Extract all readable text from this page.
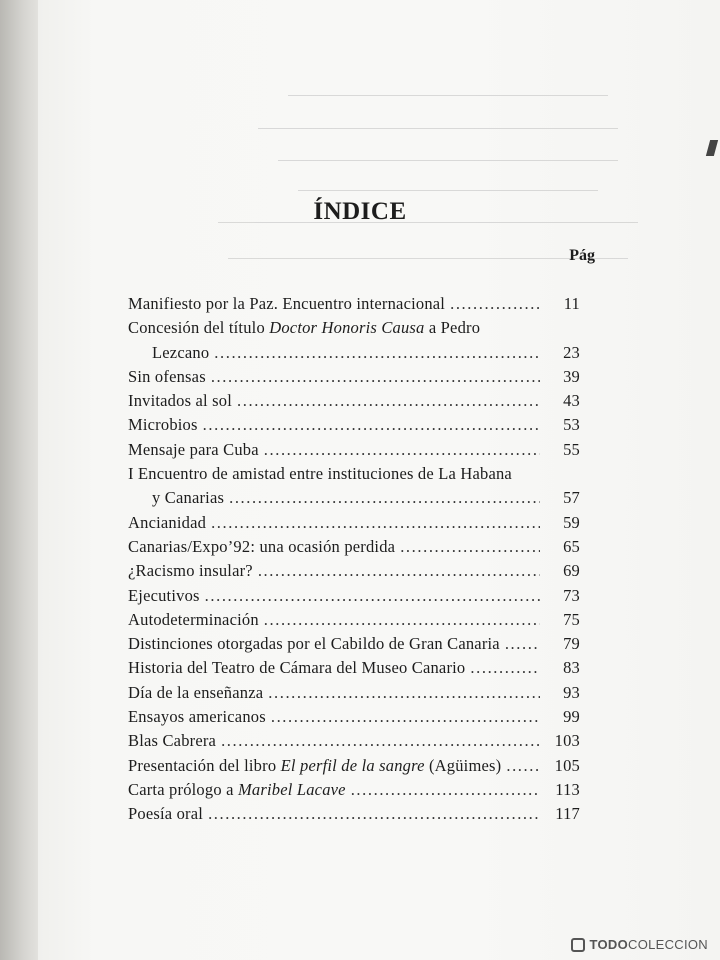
ÍNDICE
Pág
Manifiesto por la Paz. Encuentro internacional .....	11
Concesión del título Doctor Honoris Causa a Pedro
Lezcano .....	23
Sin ofensas .....	39
Invitados al sol .....	43
Microbios .....	53
Mensaje para Cuba .....	55
I Encuentro de amistad entre instituciones de La Habana
y Canarias .....	57
Ancianidad .....	59
Canarias/Expo’92: una ocasión perdida .....	65
¿Racismo insular? .....	69
Ejecutivos .....	73
Autodeterminación .....	75
Distinciones otorgadas por el Cabildo de Gran Canaria .....	79
Historia del Teatro de Cámara del Museo Canario .....	83
Día de la enseñanza .....	93
Ensayos americanos .....	99
Blas Cabrera .....	103
Presentación del libro El perfil de la sangre (Agüimes) .....	105
Carta prólogo a Maribel Lacave .....	113
Poesía oral .....	117
TODOCOLECCION
